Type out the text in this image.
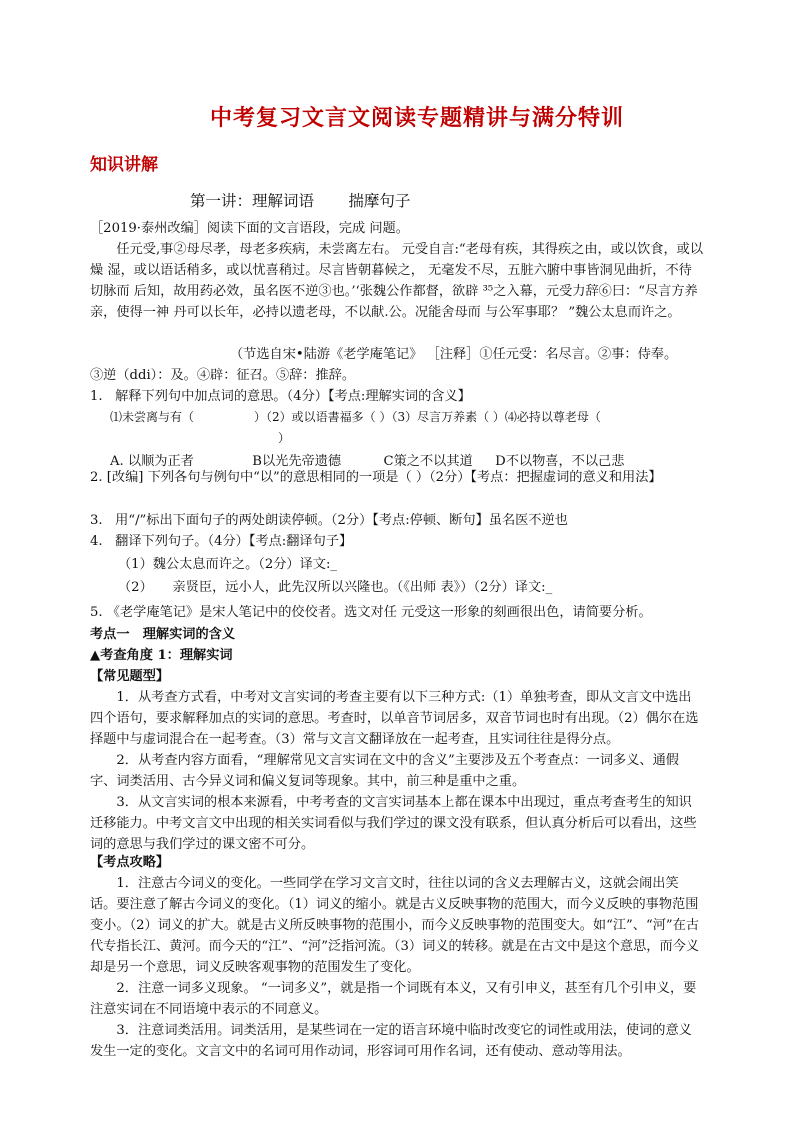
中考复习文言文阅读专题精讲与满分特训
知识讲解
第一讲：理解词语　 揣摩句子

［2019·泰州改编］阅读下面的文言语段，完成 问题。

任元受,事②母尽孝，母老多疾病，未尝离左右。 元受自言:“老母有疾，其得疾之由，或以饮食，或以燥 湿，或以语话稍多，或以忧喜稍过。尽言皆朝暮候之， 无毫发不尽，五脏六腑中事皆洞见曲折，不待切脉而 后知，故用药必效，虽名医不逆③也。’‘张魏公作都督，欲辟 ³⁵之入幕，元受力辞⑥曰：“尽言方养亲，使得一神 丹可以长年，必持以遗老母，不以献.公。况能舍母而 与公军事耶？ ”魏公太息而许之。

（节选自宋•陆游《老学庵笔记》 ［注释］①任元受：名尽言。②事：侍奉。

③逆（ddi）：及。④辟：征召。⑤辞：推辞。

1. 解释下列句中加点词的意思。（4分）【考点:理解实词的含义】

⑴未尝离与有（　　　　　）（2）或以语書福多（ ）（3）尽言万养素（ ）⑷必持以尊老母（

）

A. 以顺为正者	B以光先帝遗德	C策之不以其道 D不以物喜，不以己悲

2. [改编] 下列各句与例句中“以”的意思相同的一项是（ ）（2分）【考点：把握虚词的意义和用法】

3. 用“/”标出下面句子的两处朗读停顿。（2分）【考点:停顿、断句】虽名医不逆也

4. 翻译下列句子。（4分）【考点:翻译句子】

（1）魏公太息而许之。（2分）译文:_

（2）　　亲贤臣，远小人，此先汉所以兴隆也。（《出师 表》）（2分）译文:_

5. 《老学庵笔记》是宋人笔记中的佼佼者。选文对任 元受这一形象的刻画很出色，请简要分析。

考点一　理解实词的含义

▲考查角度 1：理解实词

【常见题型】

1．从考查方式看，中考对文言实词的考查主要有以下三种方式:（1）单独考查，即从文言文中选出四个语句，要求解释加点的实词的意思。考查时，以单音节词居多，双音节词也时有出现。（2）偶尔在选择题中与虚词混合在一起考查。（3）常与文言文翻译放在一起考查，且实词往往是得分点。

2．从考查内容方面看，“理解常见文言实词在文中的含义”主要涉及五个考查点：一词多义、通假字、词类活用、古今异义词和偏义复词等现象。其中，前三种是重中之重。

3．从文言实词的根本来源看，中考考查的文言实词基本上都在课本中出现过，重点考查考生的知识迁移能力。中考文言文中出现的相关实词看似与我们学过的课文没有联系，但认真分析后可以看出，这些词的意思与我们学过的课文密不可分。

【考点攻略】

1．注意古今词义的变化。一些同学在学习文言文时，往往以词的含义去理解古义，这就会闹出笑话。要注意了解古今词义的变化。（1）词义的缩小。就是古义反映事物的范围大，而今义反映的事物范围变小。（2）词义的扩大。就是古义所反映事物的范围小，而今义反映事物的范围变大。如“江”、“河”在古代专指长江、黄河。而今天的“江”、“河”泛指河流。（3）词义的转移。就是在古文中是这个意思，而今义却是另一个意思，词义反映客观事物的范围发生了变化。

2．注意一词多义现象。 “一词多义”，就是指一个词既有本义，又有引申义，甚至有几个引申义，要注意实词在不同语境中表示的不同意义。

3．注意词类活用。词类活用，是某些词在一定的语言环境中临时改变它的词性或用法，使词的意义发生一定的变化。文言文中的名词可用作动词，形容词可用作名词，还有使动、意动等用法。
